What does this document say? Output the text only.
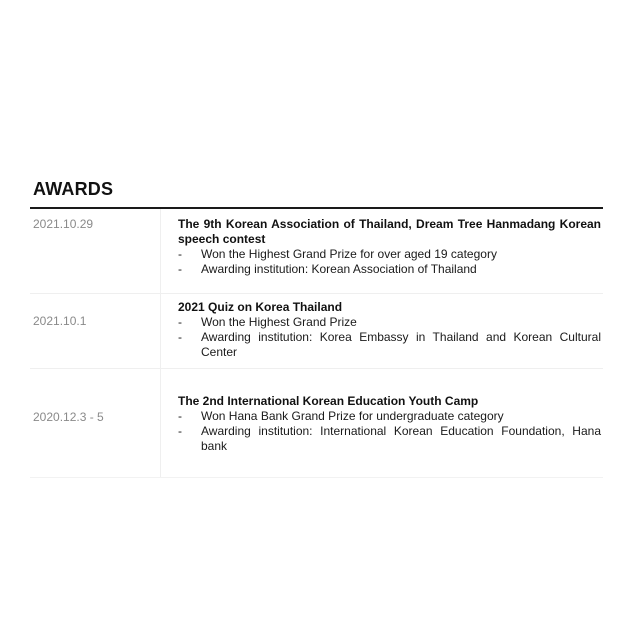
AWARDS
2021.10.29	The 9th Korean Association of Thailand, Dream Tree Hanmadang Korean speech contest
- Won the Highest Grand Prize for over aged 19 category
- Awarding institution: Korean Association of Thailand
2021.10.1
2021 Quiz on Korea Thailand
- Won the Highest Grand Prize
- Awarding institution: Korea Embassy in Thailand and Korean Cultural Center
2020.12.3 - 5
The 2nd International Korean Education Youth Camp
- Won Hana Bank Grand Prize for undergraduate category
- Awarding institution: International Korean Education Foundation, Hana bank
